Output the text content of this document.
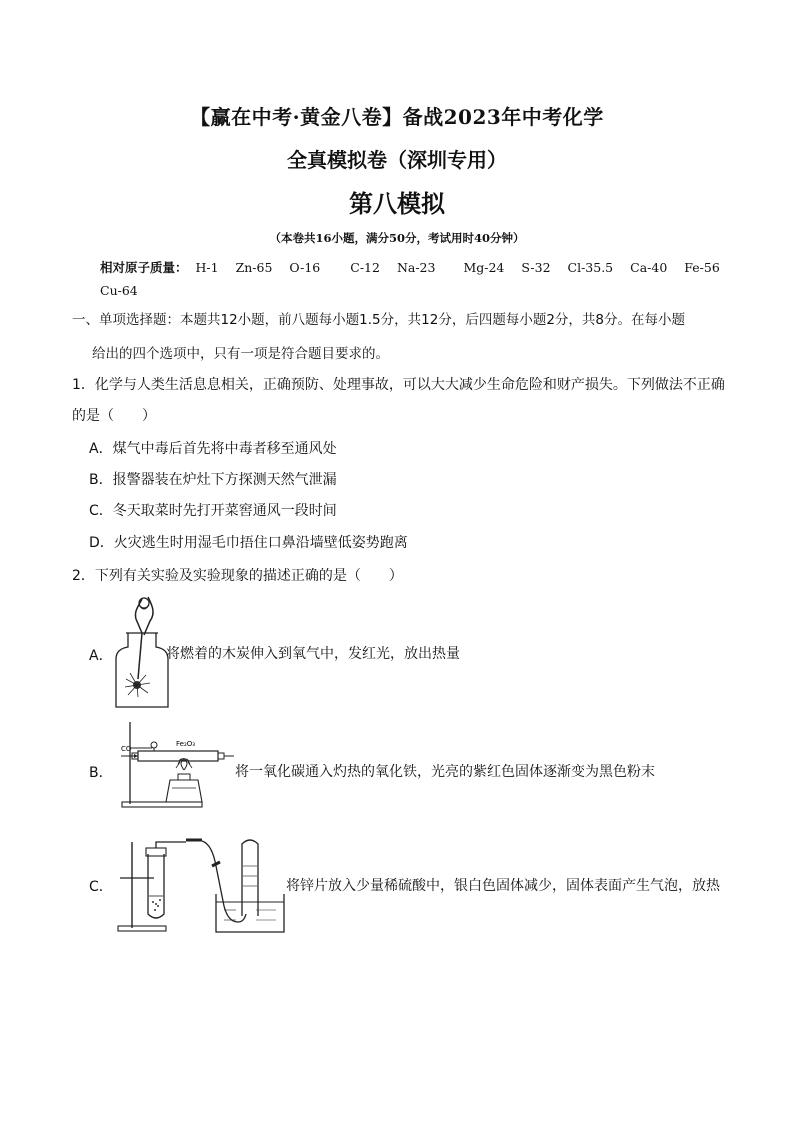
【赢在中考·黄金八卷】备战2023年中考化学
全真模拟卷（深圳专用）
第八模拟
（本卷共16小题，满分50分，考试用时40分钟）
相对原子质量： H-1 Zn-65 O-16 C-12 Na-23 Mg-24 S-32 Cl-35.5 Ca-40 Fe-56
Cu-64
一、单项选择题：本题共12小题，前八题每小题1.5分，共12分，后四题每小题2分，共8分。在每小题
给出的四个选项中，只有一项是符合题目要求的。
1．化学与人类生活息息相关，正确预防、处理事故，可以大大减少生命危险和财产损失。下列做法不正确
的是（　　）
A．煤气中毒后首先将中毒者移至通风处
B．报警器装在炉灶下方探测天然气泄漏
C．冬天取菜时先打开菜窖通风一段时间
D．火灾逃生时用湿毛巾捂住口鼻沿墙壁低姿势跑离
2．下列有关实验及实验现象的描述正确的是（　　）
A．	将燃着的木炭伸入到氧气中，发红光，放出热量
B．
CO
Fe₂O₃
将一氧化碳通入灼热的氧化铁，光亮的紫红色固体逐渐变为黑色粉末
C．	将锌片放入少量稀硫酸中，银白色固体减少，固体表面产生气泡，放热
